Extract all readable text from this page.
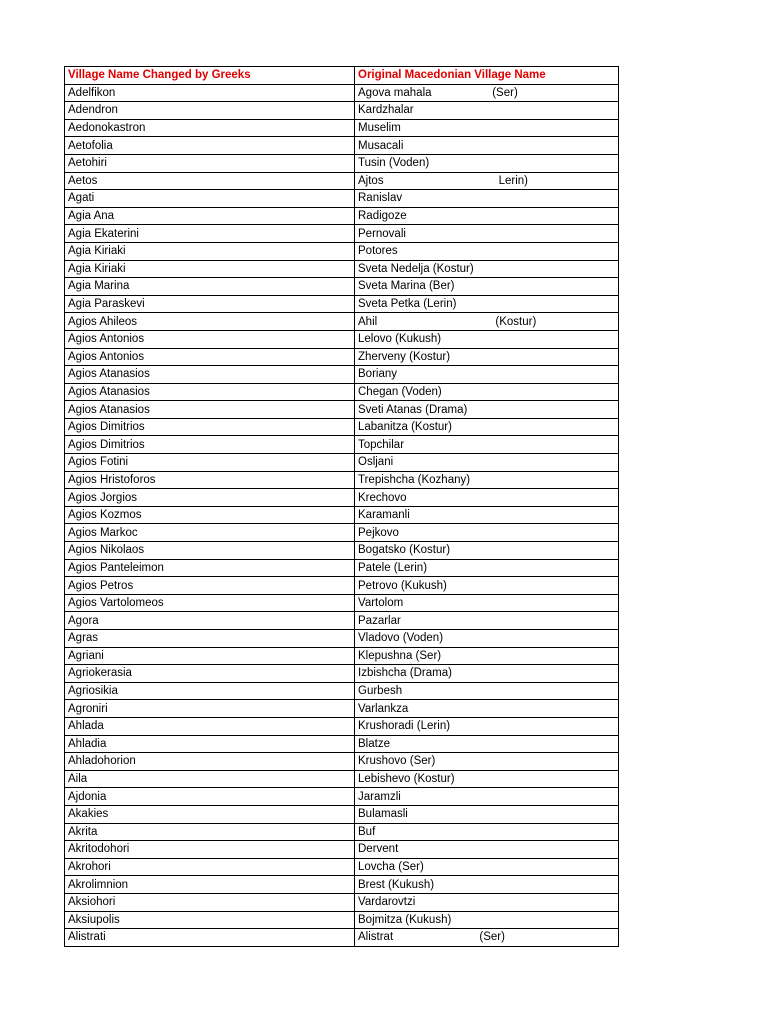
Village Name Changed by Greeks	Original Macedonian Village Name
Adelfikon	Agova mahala                   (Ser)
Adendron	Kardzhalar
Aedonokastron	Muselim
Aetofolia	Musacali
Aetohiri	Tusin (Voden)
Aetos	Ajtos                                    Lerin)
Agati	Ranislav
Agia Ana	Radigoze
Agia Ekaterini	Pernovali
Agia Kiriaki	Potores
Agia Kiriaki	Sveta Nedelja (Kostur)
Agia Marina	Sveta Marina (Ber)
Agia Paraskevi	Sveta Petka (Lerin)
Agios Ahileos	Ahil                                     (Kostur)
Agios Antonios	Lelovo (Kukush)
Agios Antonios	Zherveny (Kostur)
Agios Atanasios	Boriany
Agios Atanasios	Chegan (Voden)
Agios Atanasios	Sveti Atanas (Drama)
Agios Dimitrios	Labanitza (Kostur)
Agios Dimitrios	Topchilar
Agios Fotini	Osljani
Agios Hristoforos	Trepishcha (Kozhany)
Agios Jorgios	Krechovo
Agios Kozmos	Karamanli
Agios Markoc	Pejkovo
Agios Nikolaos	Bogatsko (Kostur)
Agios Panteleimon	Patele (Lerin)
Agios Petros	Petrovo (Kukush)
Agios Vartolomeos	Vartolom
Agora	Pazarlar
Agras	Vladovo (Voden)
Agriani	Klepushna (Ser)
Agriokerasia	Izbishcha (Drama)
Agriosikia	Gurbesh
Agroniri	Varlankza
Ahlada	Krushoradi (Lerin)
Ahladia	Blatze
Ahladohorion	Krushovo (Ser)
Aila	Lebishevo (Kostur)
Ajdonia	Jaramzli
Akakies	Bulamasli
Akrita	Buf
Akritodohori	Dervent
Akrohori	Lovcha (Ser)
Akrolimnion	Brest (Kukush)
Aksiohori	Vardarovtzi
Aksiupolis	Bojmitza (Kukush)
Alistrati	Alistrat                           (Ser)
